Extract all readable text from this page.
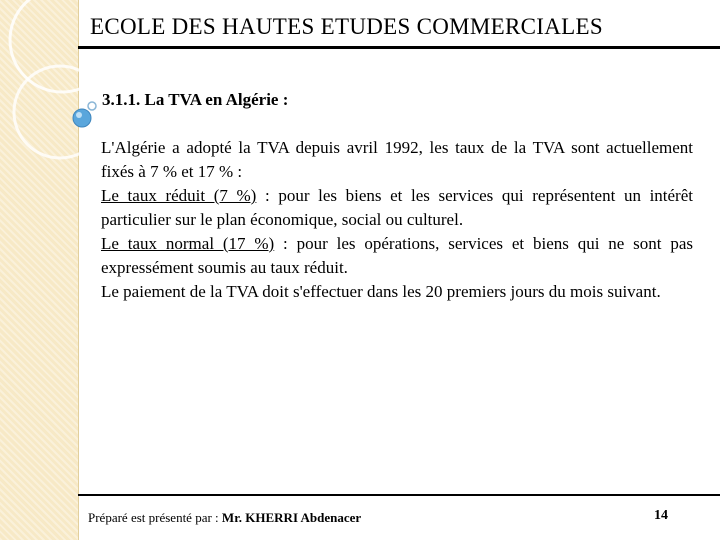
ECOLE DES HAUTES ETUDES COMMERCIALES
3.1.1. La TVA en Algérie :

L'Algérie a adopté la TVA depuis avril 1992, les taux de la TVA sont actuellement fixés à 7 % et 17 % :

Le taux réduit (7 %) : pour les biens et les services qui représentent un intérêt particulier sur le plan économique, social ou culturel.

Le taux normal (17 %) : pour les opérations, services et biens qui ne sont pas expressément soumis au taux réduit.

Le paiement de la TVA doit s'effectuer dans les 20 premiers jours du mois suivant.

Préparé est présenté par : Mr. KHERRI Abdenacer	14
